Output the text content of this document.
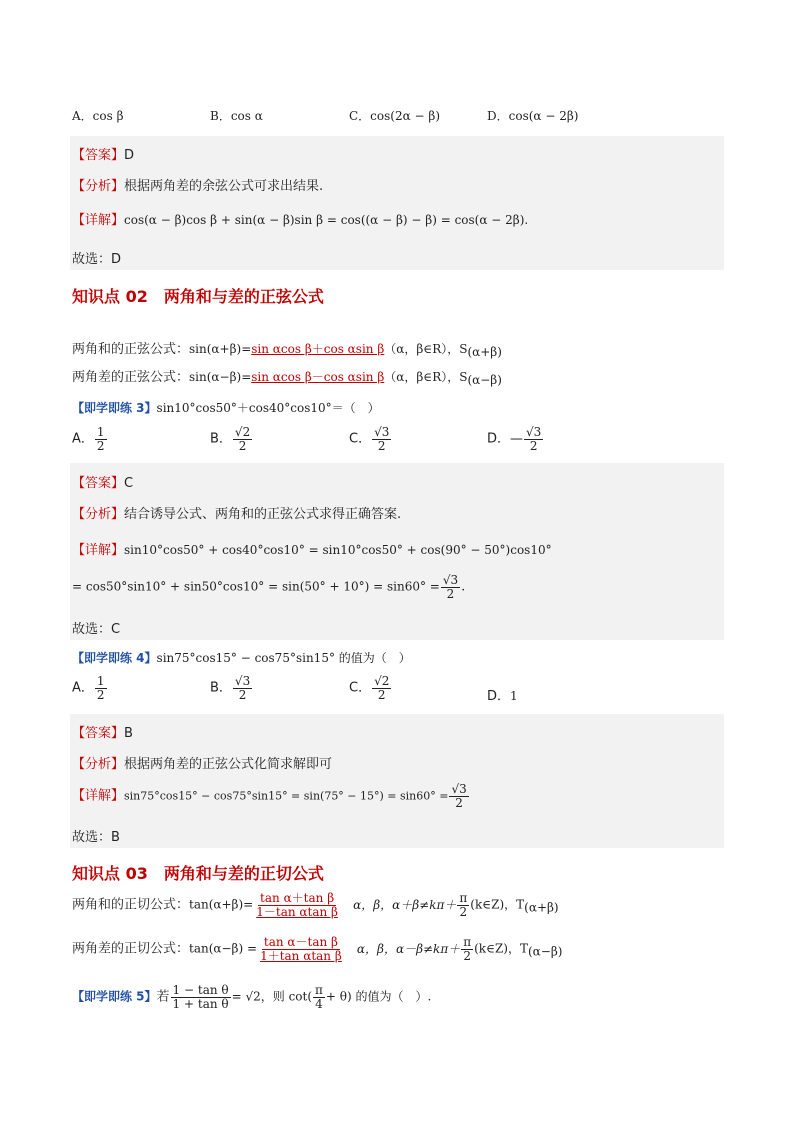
A．cos β	B．cos α	C．cos(2α − β)	D．cos(α − 2β)
【答案】D
【分析】根据两角差的余弦公式可求出结果.
【详解】cos(α − β)cos β + sin(α − β)sin β = cos((α − β) − β) = cos(α − 2β).
故选：D
知识点 02　两角和与差的正弦公式
两角和的正弦公式：sin(α+β)=sin αcos β＋cos αsin β（α，β∈R），S(α+β)
两角差的正弦公式：sin(α−β)=sin αcos β－cos αsin β（α，β∈R），S(α−β)
【即学即练 3】sin10°cos50°＋cos40°cos10°＝（　）
A． $\frac{1}{2}$	B． $\frac{√2}{2}$	C． $\frac{√3}{2}$	D．— $\frac{√3}{2}$
【答案】C
【分析】结合诱导公式、两角和的正弦公式求得正确答案.
【详解】sin10°cos50° + cos40°cos10° = sin10°cos50° + cos(90° − 50°)cos10°
= $\cos 50^\circ\sin 10^\circ + \sin 50^\circ\cos 10^\circ = \sin(50^\circ + 10^\circ) = \sin 60^\circ = \frac{√3}{2}$ .
故选：C
【即学即练 4】sin75°cos15° − cos75°sin15° 的值为（　）
A． $\frac{1}{2}$	B． $\frac{√3}{2}$	C． $\frac{√2}{2}$	D．1
【答案】B
【分析】根据两角差的正弦公式化简求解即可
【详解】$\sin 75^\circ\cos 15^\circ - \cos 75^\circ\sin 15^\circ = \sin(75^\circ - 15^\circ) = \sin 60^\circ = \frac{√3}{2}$
故选：B
知识点 03　两角和与差的正切公式
两角和的正切公式：$\tan(\alpha+\beta)= \frac{\text{tan α＋tan β}}{\text{1－tan αtan β}}$ α，β，$\alpha+\beta\ne k\pi+ \frac{\pi}{2}$ (k∈Z)，T(α+β)
两角差的正切公式：$\tan(\alpha-\beta) = \frac{\text{tan α－tan β}}{\text{1＋tan αtan β}}$ α，β，$\alpha-\beta\ne k\pi+ \frac{\pi}{2}$ (k∈Z)，T(α−β)
【即学即练 5】若 $\frac{\text{1 − tan θ}}{\text{1 + tan θ}} = √2$，则 $\cot( \frac{\pi}{4} + \theta)$ 的值为（　）.
